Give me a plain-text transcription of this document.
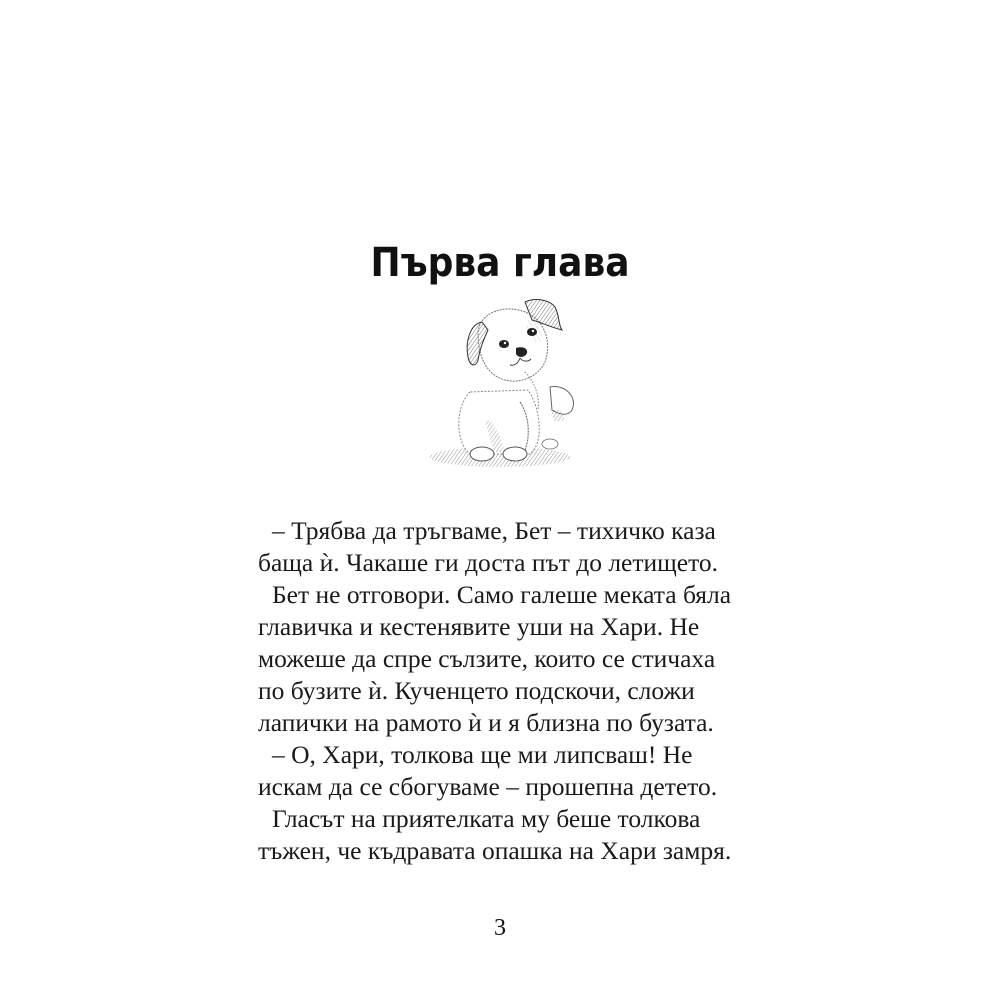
Първа глава
– Трябва да тръгваме, Бет – тихичко каза
баща ѝ. Чакаше ги доста път до летището.
Бет не отговори. Само галеше меката бяла
главичка и кестенявите уши на Хари. Не
можеше да спре сълзите, които се стичаха
по бузите ѝ. Кученцето подскочи, сложи
лапички на рамото ѝ и я близна по бузата.
– О, Хари, толкова ще ми липсваш! Не
искам да се сбогуваме – прошепна детето.
Гласът на приятелката му беше толкова
тъжен, че къдравата опашка на Хари замря.
3
